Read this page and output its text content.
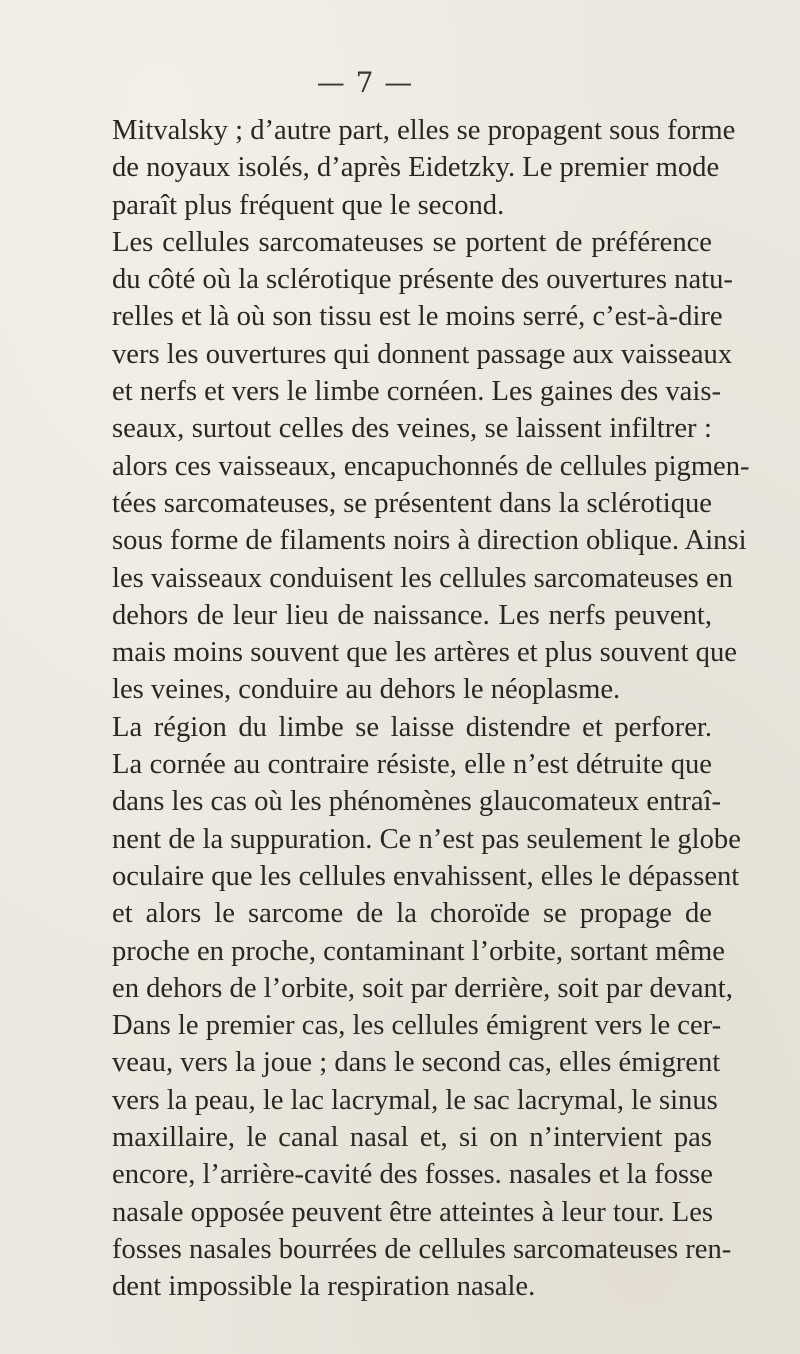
— 7 —
Mitvalsky ; d’autre part, elles se propagent sous forme
de noyaux isolés, d’après Eidetzky. Le premier mode
paraît plus fréquent que le second.
Les cellules sarcomateuses se portent de préférence
du côté où la sclérotique présente des ouvertures natu-
relles et là où son tissu est le moins serré, c’est-à-dire
vers les ouvertures qui donnent passage aux vaisseaux
et nerfs et vers le limbe cornéen. Les gaines des vais-
seaux, surtout celles des veines, se laissent infiltrer :
alors ces vaisseaux, encapuchonnés de cellules pigmen-
tées sarcomateuses, se présentent dans la sclérotique
sous forme de filaments noirs à direction oblique. Ainsi
les vaisseaux conduisent les cellules sarcomateuses en
dehors de leur lieu de naissance. Les nerfs peuvent,
mais moins souvent que les artères et plus souvent que
les veines, conduire au dehors le néoplasme.
La région du limbe se laisse distendre et perforer.
La cornée au contraire résiste, elle n’est détruite que
dans les cas où les phénomènes glaucomateux entraî-
nent de la suppuration. Ce n’est pas seulement le globe
oculaire que les cellules envahissent, elles le dépassent
et alors le sarcome de la choroïde se propage de
proche en proche, contaminant l’orbite, sortant même
en dehors de l’orbite, soit par derrière, soit par devant,
Dans le premier cas, les cellules émigrent vers le cer-
veau, vers la joue ; dans le second cas, elles émigrent
vers la peau, le lac lacrymal, le sac lacrymal, le sinus
maxillaire, le canal nasal et, si on n’intervient pas
encore, l’arrière-cavité des fosses. nasales et la fosse
nasale opposée peuvent être atteintes à leur tour. Les
fosses nasales bourrées de cellules sarcomateuses ren-
dent impossible la respiration nasale.
